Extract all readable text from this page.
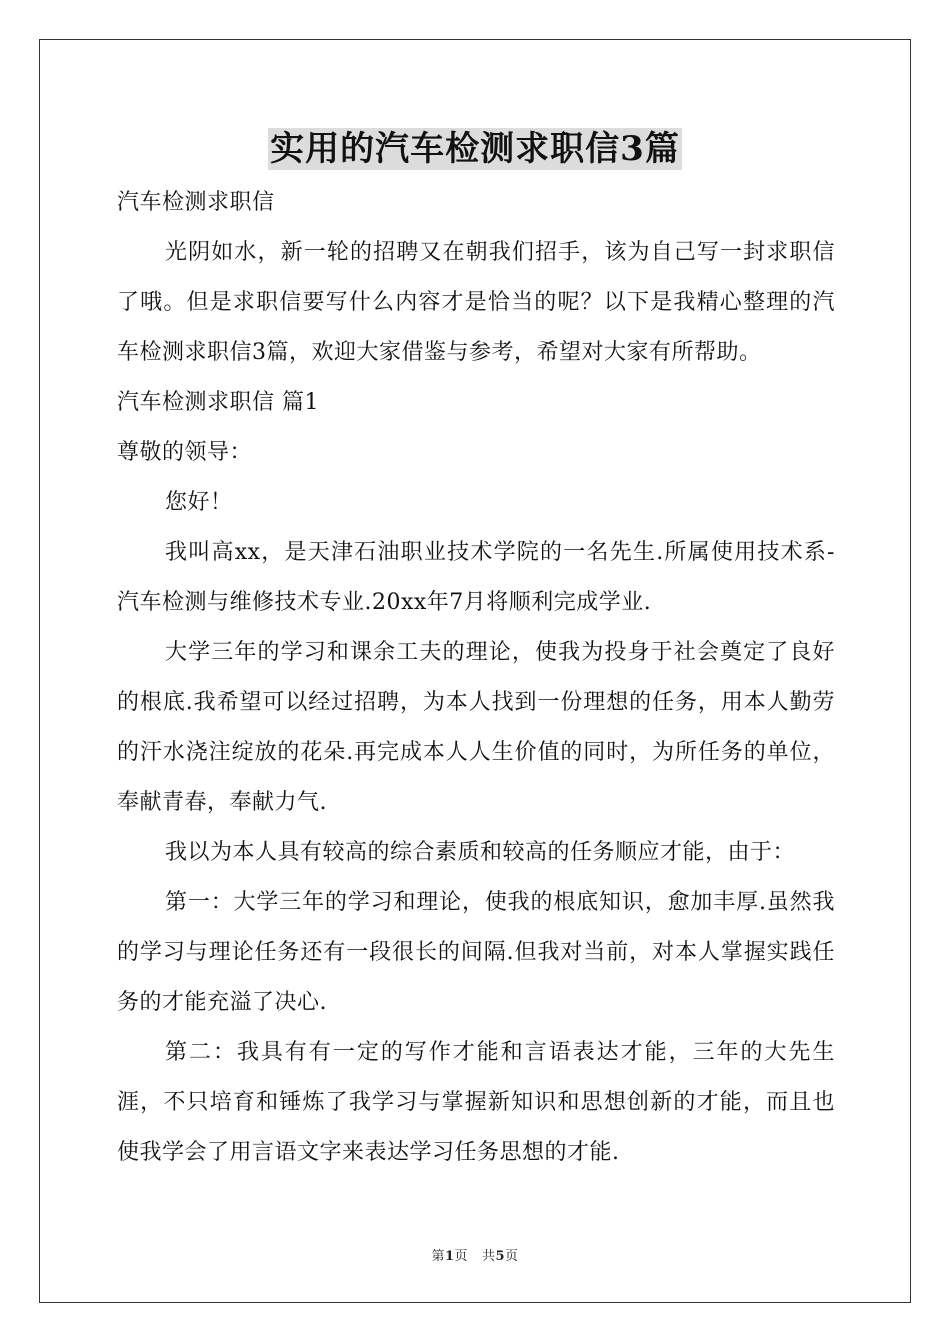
实用的汽车检测求职信3篇
汽车检测求职信
光阴如水，新一轮的招聘又在朝我们招手，该为自己写一封求职信了哦。但是求职信要写什么内容才是恰当的呢？以下是我精心整理的汽车检测求职信3篇，欢迎大家借鉴与参考，希望对大家有所帮助。
汽车检测求职信 篇1
尊敬的领导：
您好！
我叫高xx，是天津石油职业技术学院的一名先生.所属使用技术系-汽车检测与维修技术专业.20xx年7月将顺利完成学业.
大学三年的学习和课余工夫的理论，使我为投身于社会奠定了良好的根底.我希望可以经过招聘，为本人找到一份理想的任务，用本人勤劳的汗水浇注绽放的花朵.再完成本人人生价值的同时，为所任务的单位，奉献青春，奉献力气.
我以为本人具有较高的综合素质和较高的任务顺应才能，由于：
第一：大学三年的学习和理论，使我的根底知识，愈加丰厚.虽然我的学习与理论任务还有一段很长的间隔.但我对当前，对本人掌握实践任务的才能充溢了决心.
第二：我具有有一定的写作才能和言语表达才能，三年的大先生涯，不只培育和锤炼了我学习与掌握新知识和思想创新的才能，而且也使我学会了用言语文字来表达学习任务思想的才能.
第1页 共5页
